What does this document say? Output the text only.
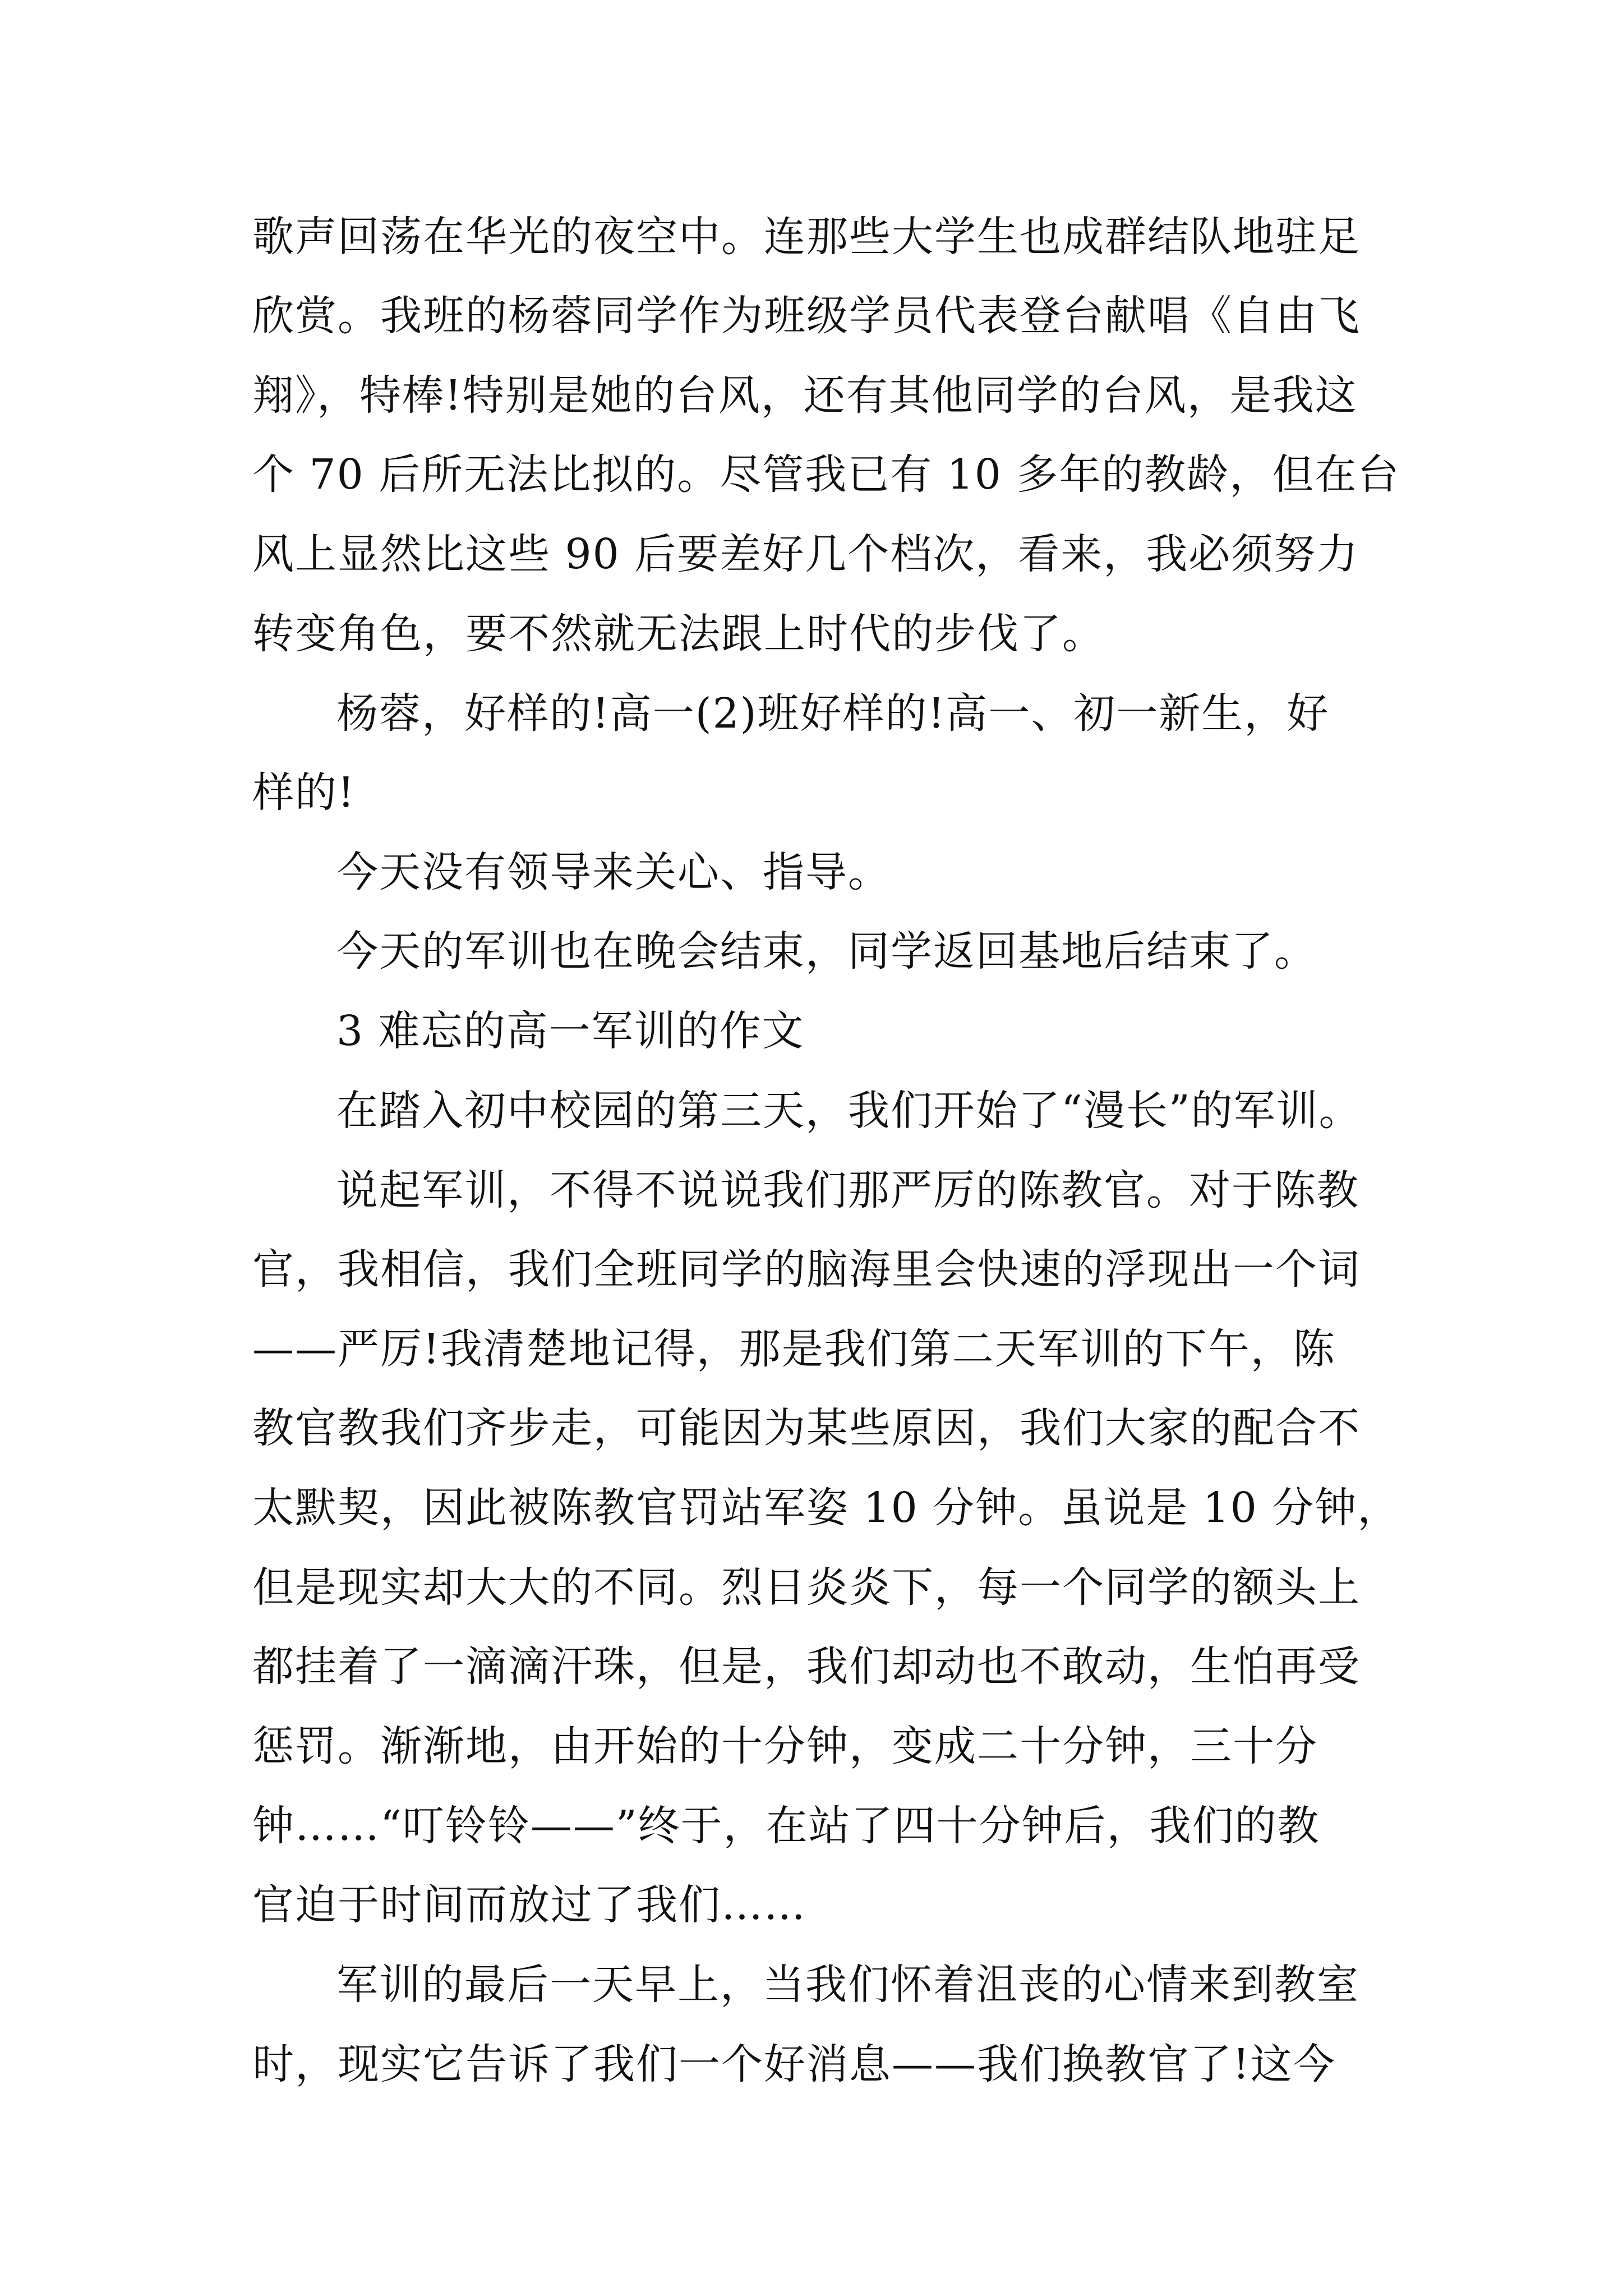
歌声回荡在华光的夜空中。连那些大学生也成群结队地驻足
欣赏。我班的杨蓉同学作为班级学员代表登台献唱《自由飞
翔》，特棒!特别是她的台风，还有其他同学的台风，是我这
个 70 后所无法比拟的。尽管我已有 10 多年的教龄，但在台
风上显然比这些 90 后要差好几个档次，看来，我必须努力
转变角色，要不然就无法跟上时代的步伐了。
杨蓉，好样的!高一(2)班好样的!高一、初一新生，好
样的!
今天没有领导来关心、指导。
今天的军训也在晚会结束，同学返回基地后结束了。
3 难忘的高一军训的作文
在踏入初中校园的第三天，我们开始了“漫长”的军训。
说起军训，不得不说说我们那严厉的陈教官。对于陈教
官，我相信，我们全班同学的脑海里会快速的浮现出一个词
——严厉!我清楚地记得，那是我们第二天军训的下午，陈
教官教我们齐步走，可能因为某些原因，我们大家的配合不
太默契，因此被陈教官罚站军姿 10 分钟。虽说是 10 分钟，
但是现实却大大的不同。烈日炎炎下，每一个同学的额头上
都挂着了一滴滴汗珠，但是，我们却动也不敢动，生怕再受
惩罚。渐渐地，由开始的十分钟，变成二十分钟，三十分
钟……“叮铃铃——”终于，在站了四十分钟后，我们的教
官迫于时间而放过了我们……
军训的最后一天早上，当我们怀着沮丧的心情来到教室
时，现实它告诉了我们一个好消息——我们换教官了!这今
